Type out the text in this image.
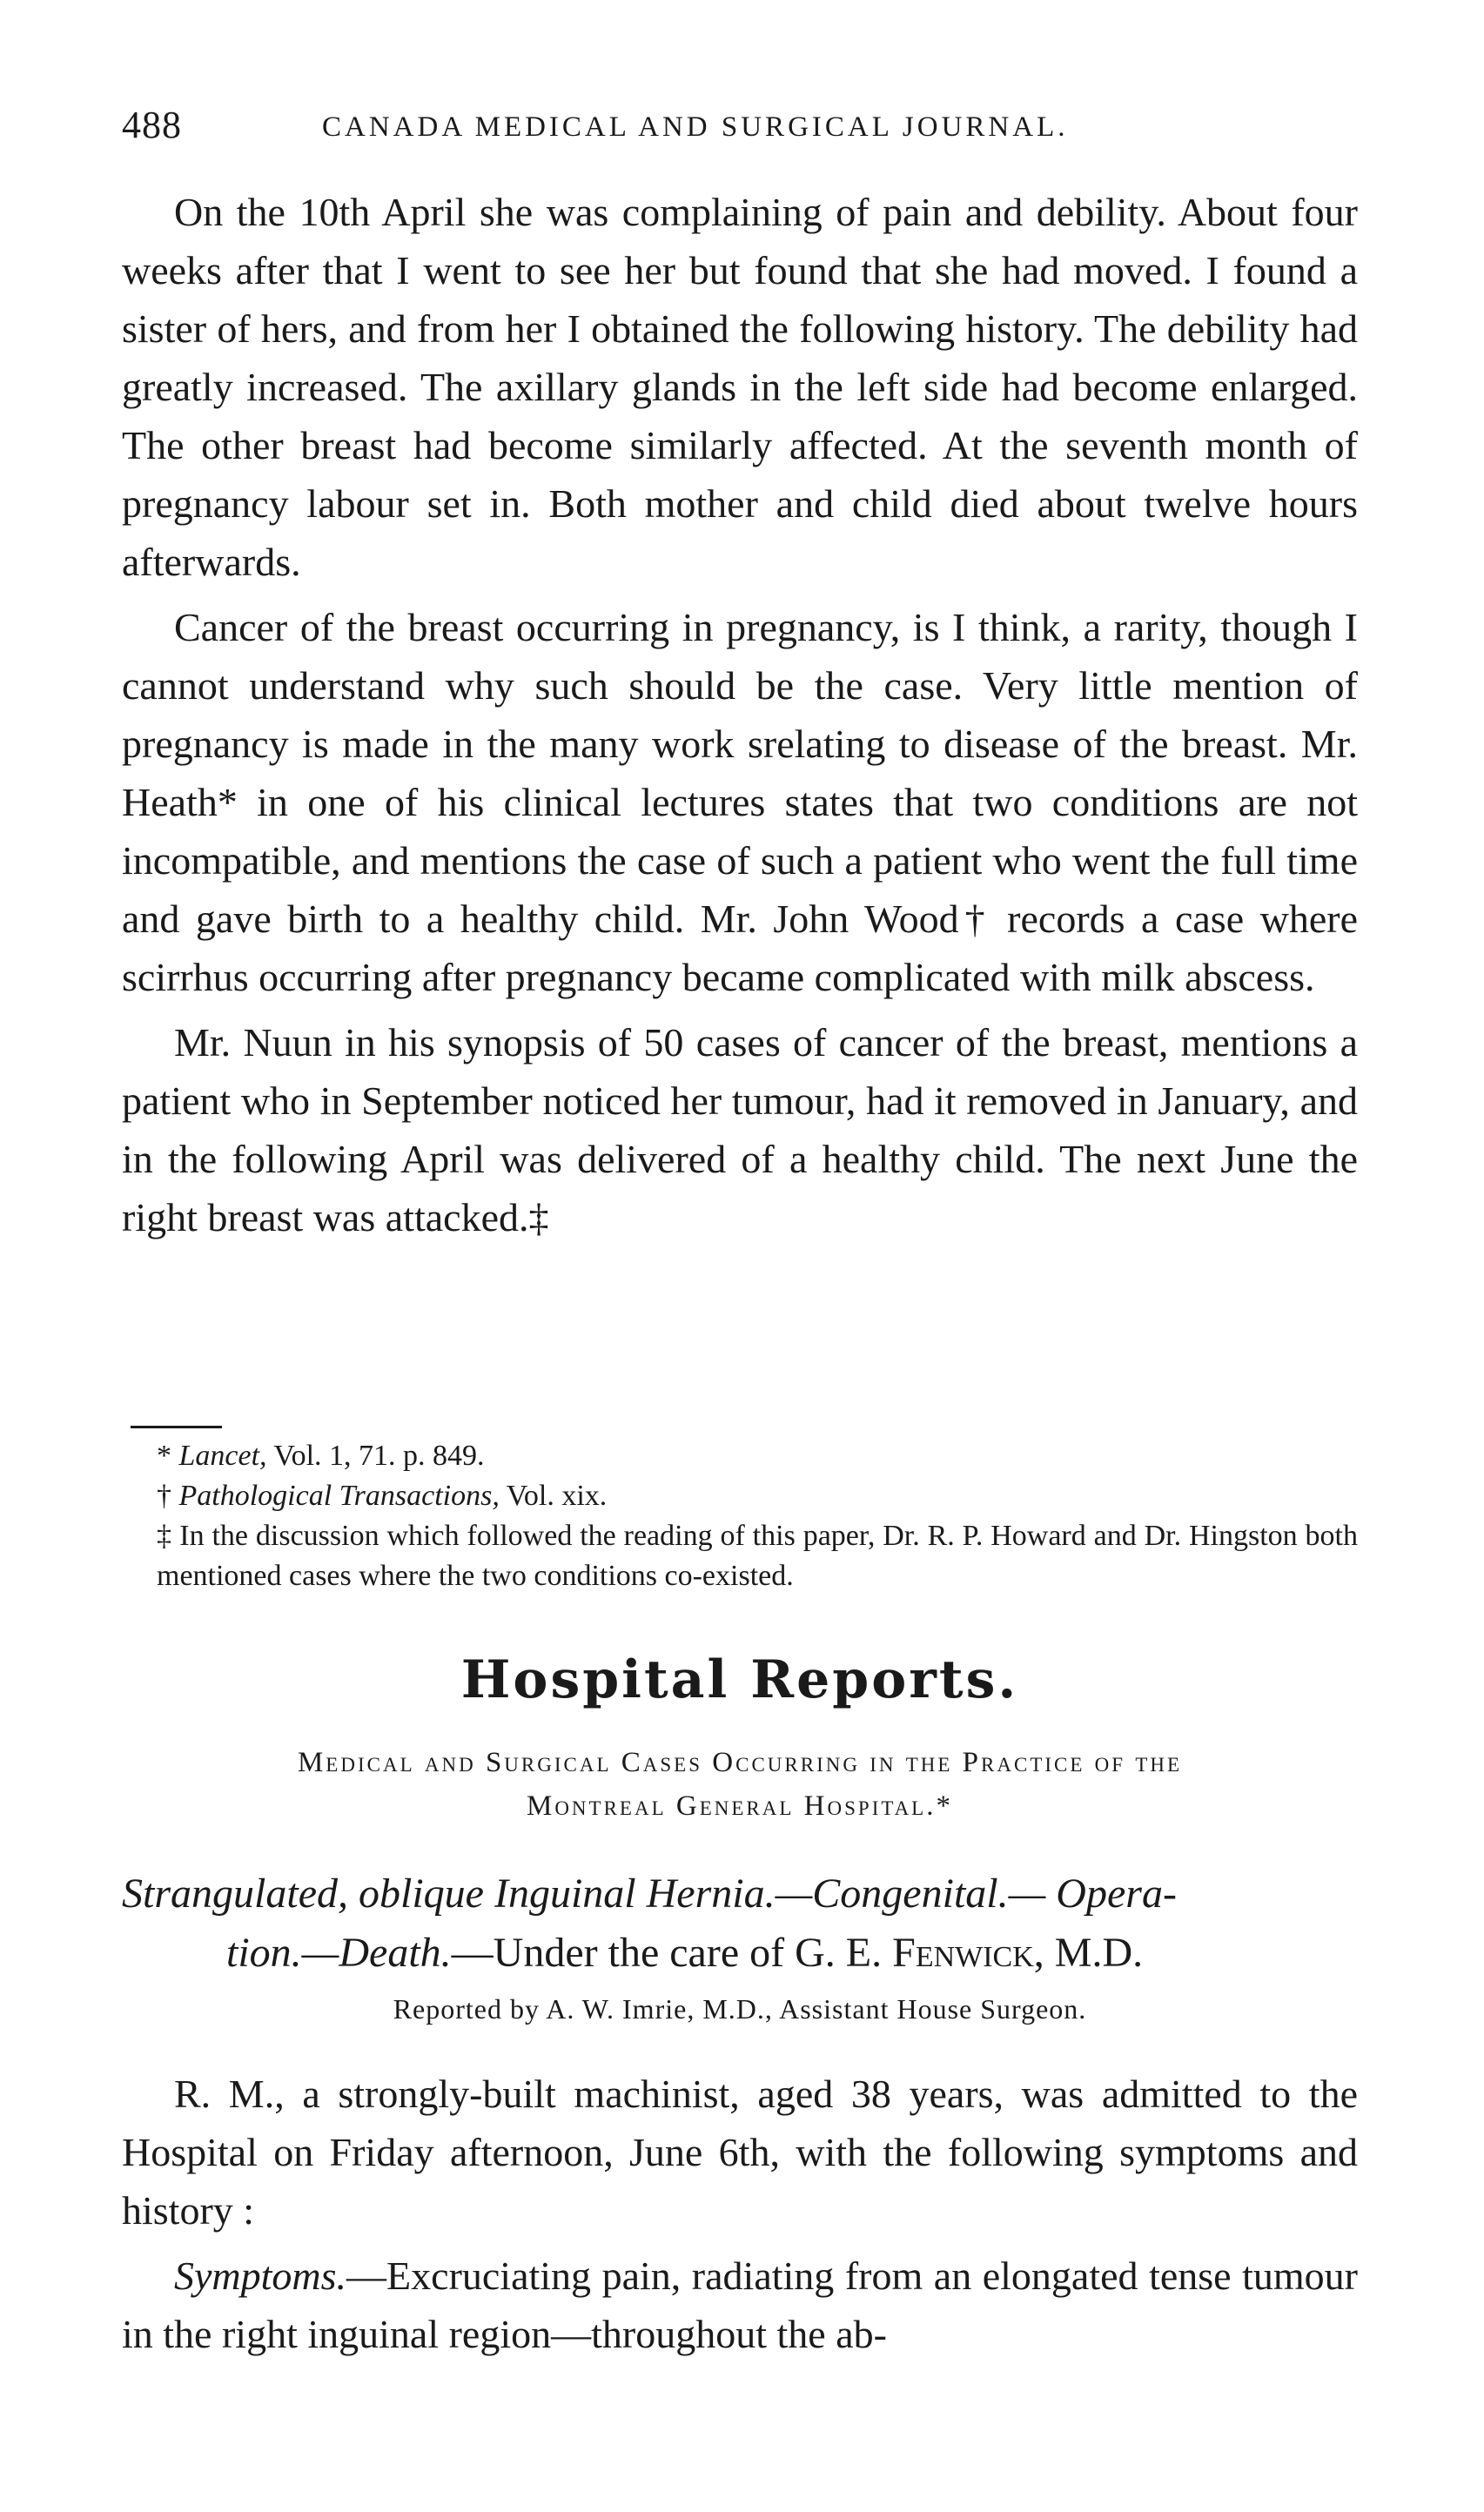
488	CANADA MEDICAL AND SURGICAL JOURNAL.

On the 10th April she was complaining of pain and debility. About four weeks after that I went to see her but found that she had moved. I found a sister of hers, and from her I obtained the following history. The debility had greatly increased. The axillary glands in the left side had become enlarged. The other breast had become similarly affected. At the seventh month of pregnancy labour set in. Both mother and child died about twelve hours afterwards.

Cancer of the breast occurring in pregnancy, is I think, a rarity, though I cannot understand why such should be the case. Very little mention of pregnancy is made in the many work srelating to disease of the breast. Mr. Heath* in one of his clinical lectures states that two conditions are not incompatible, and mentions the case of such a patient who went the full time and gave birth to a healthy child. Mr. John Wood† records a case where scirrhus occurring after pregnancy became complicated with milk abscess.

Mr. Nuun in his synopsis of 50 cases of cancer of the breast, mentions a patient who in September noticed her tumour, had it removed in January, and in the following April was delivered of a healthy child. The next June the right breast was attacked.‡

* Lancet, Vol. 1, 71. p. 849.

† Pathological Transactions, Vol. xix.

‡ In the discussion which followed the reading of this paper, Dr. R. P. Howard and Dr. Hingston both mentioned cases where the two conditions co-existed.

Hospital Reports.
Medical and Surgical Cases Occurring in the Practice of the
Montreal General Hospital.*
Strangulated, oblique Inguinal Hernia.—Congenital.— Opera-
tion.—Death.—Under the care of G. E. Fenwick, M.D.
Reported by A. W. Imrie, M.D., Assistant House Surgeon.

R. M., a strongly-built machinist, aged 38 years, was admitted to the Hospital on Friday afternoon, June 6th, with the following symptoms and history :

Symptoms.—Excruciating pain, radiating from an elongated tense tumour in the right inguinal region—throughout the ab-
